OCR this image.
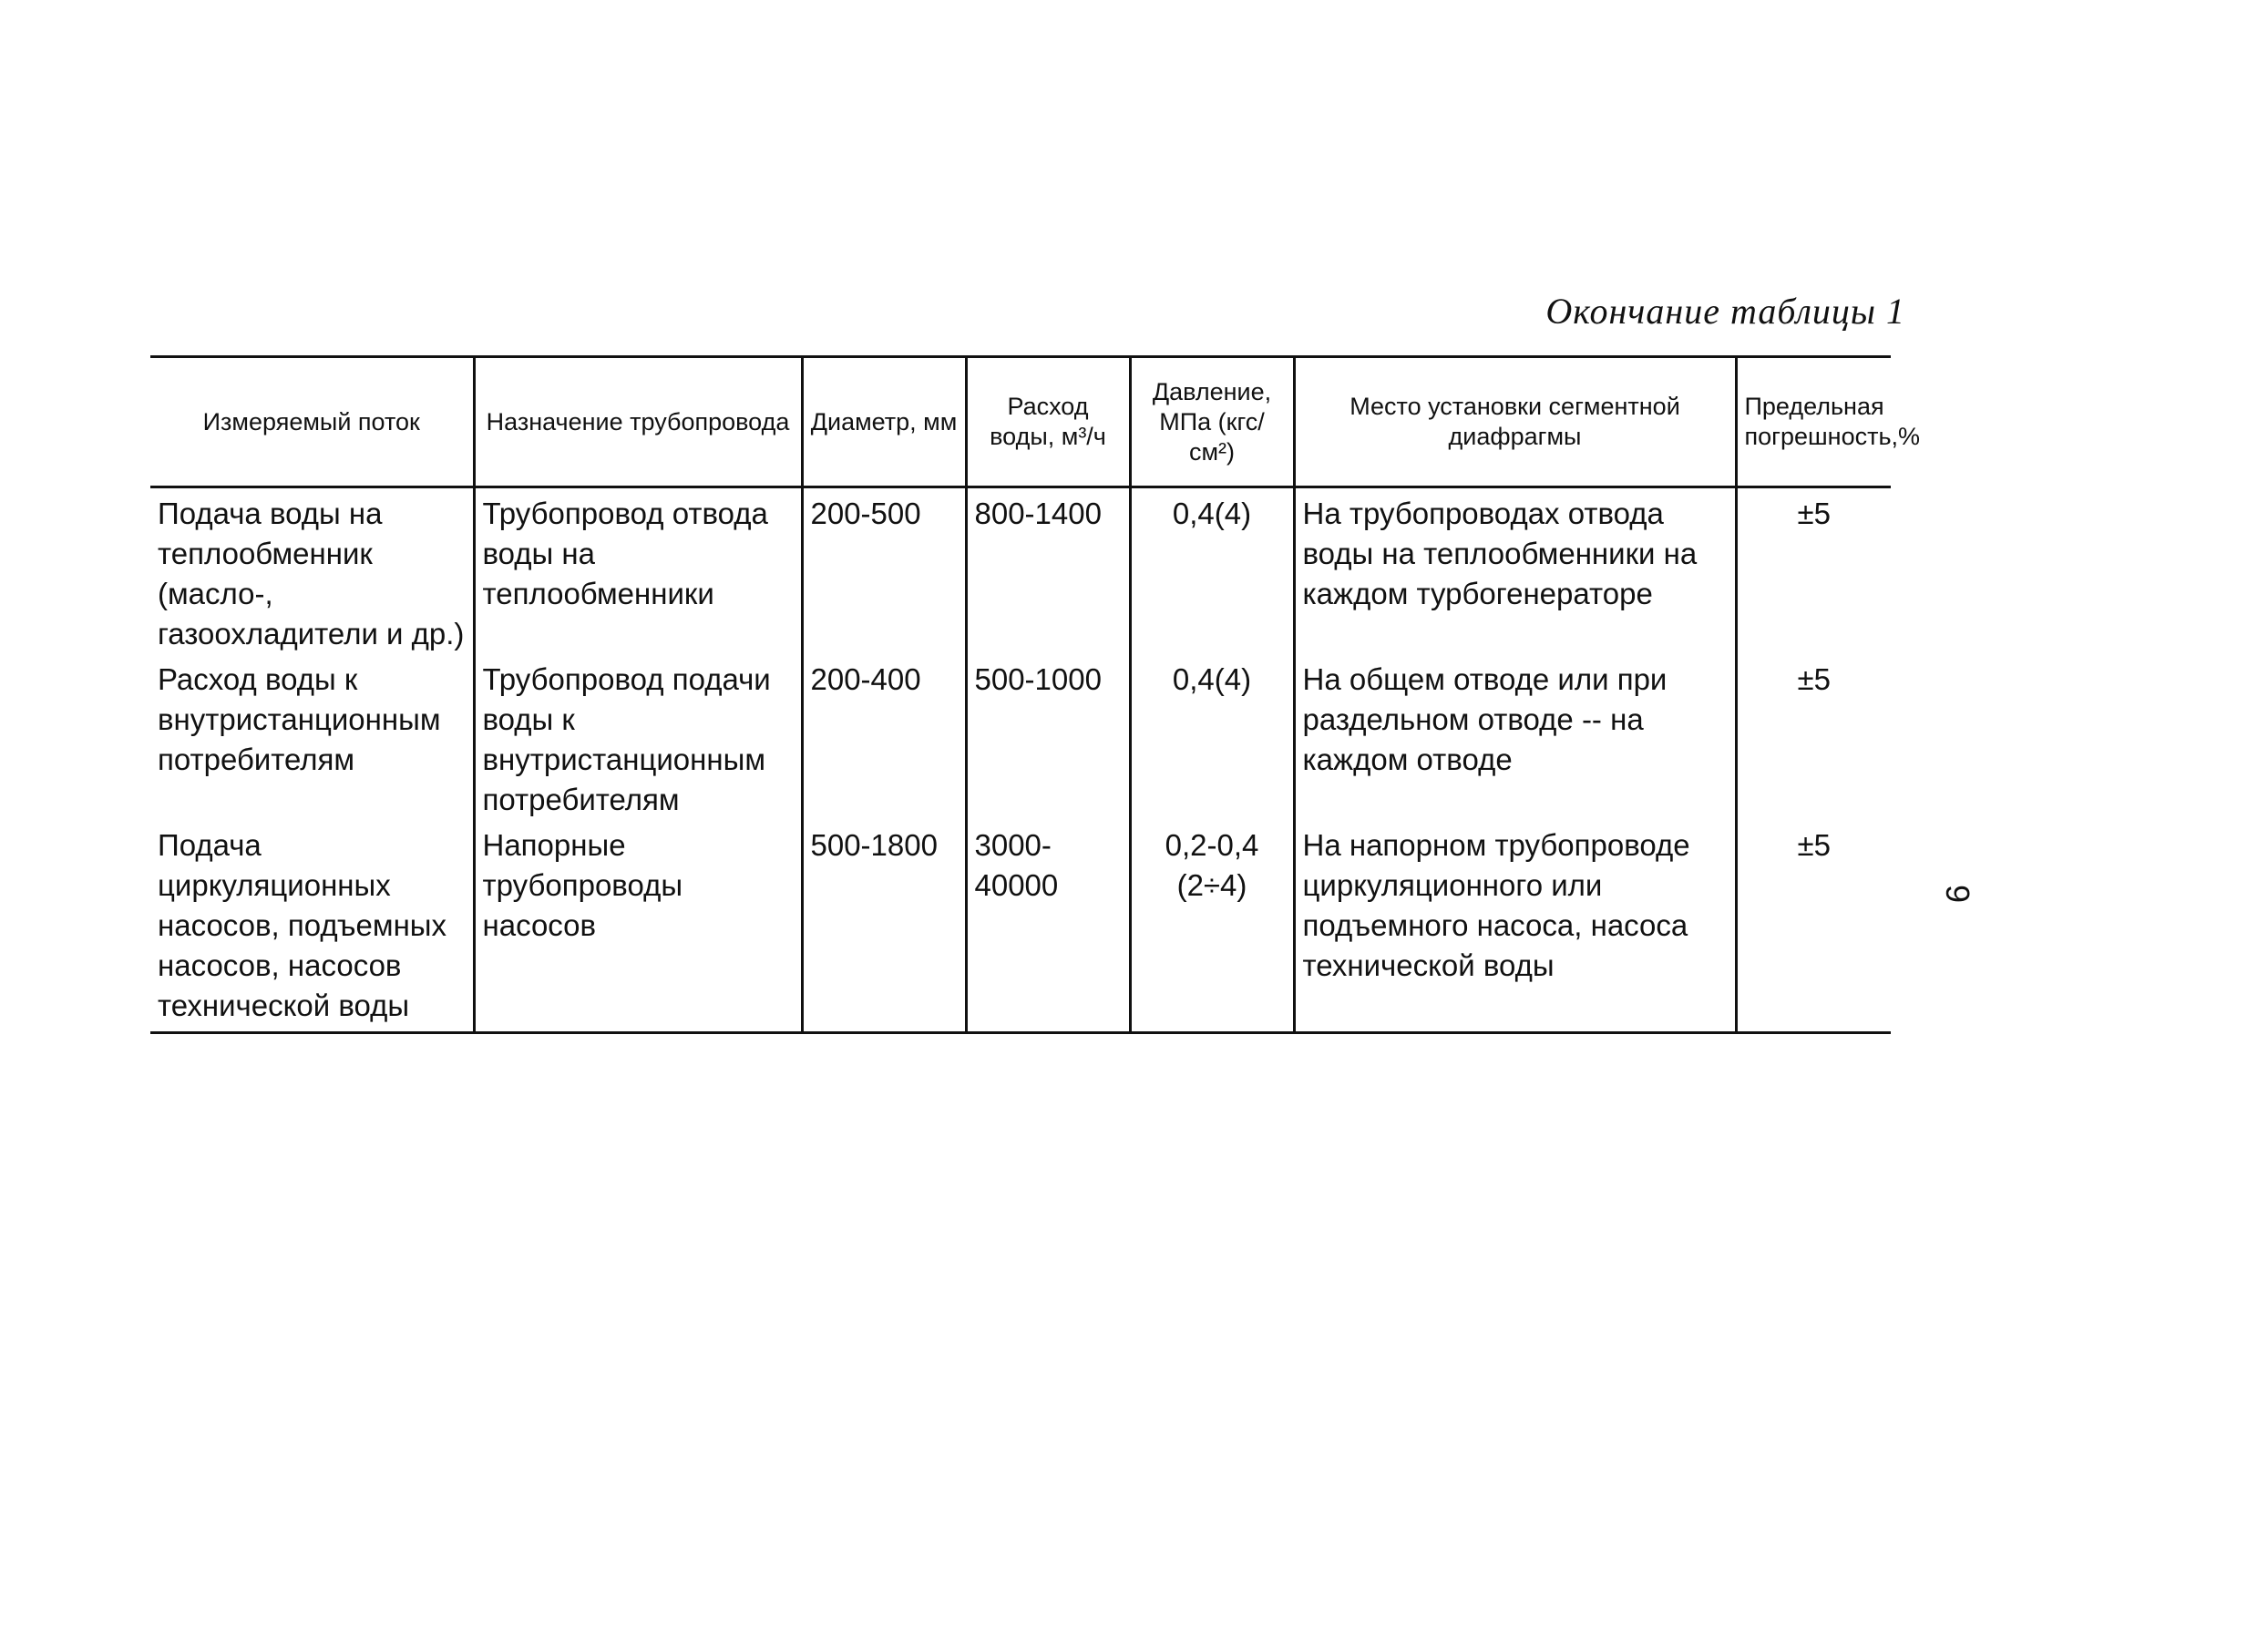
Окончание таблицы 1
Измеряемый поток	Назначение трубопровода	Диаметр, мм	Расход воды, м³/ч	Давление, МПа (кгс/см²)	Место установки сегментной диафрагмы	Предельная погрешность,%
Подача воды на теплообменник (масло-, газоохладители и др.)	Трубопровод отвода воды на теплообменники	200-500	800-1400	0,4(4)	На трубопроводах отвода воды на теплообменники на каждом турбогенераторе	±5
Расход воды к внутристанционным потребителям	Трубопровод подачи воды к внутристанционным потребителям	200-400	500-1000	0,4(4)	На общем отводе или при раздельном отводе -- на каждом отводе	±5
Подача циркуляционных насосов, подъемных насосов, насосов технической воды	Напорные трубопроводы насосов	500-1800	3000-40000	0,2-0,4 (2÷4)	На напорном трубопроводе циркуляционного или подъемного насоса, насоса технической воды	±5
9
